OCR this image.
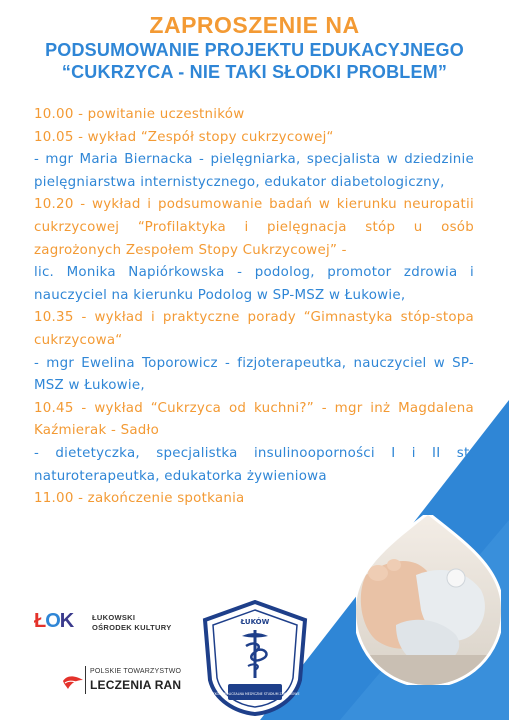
ZAPROSZENIE NA

PODSUMOWANIE PROJEKTU EDUKACYJNEGO

“CUKRZYCA - NIE TAKI SŁODKI PROBLEM”

10.00 - powitanie uczestników

10.05 - wykład “Zespół stopy cukrzycowej“

- mgr Maria Biernacka - pielęgniarka, specjalista w dziedzinie pielęgniarstwa internistycznego, edukator diabetologiczny,

10.20 - wykład i podsumowanie badań w kierunku neuropatii cukrzycowej “Profilaktyka i pielęgnacja stóp u osób zagrożonych Zespołem Stopy Cukrzycowej” -

lic. Monika Napiórkowska - podolog, promotor zdrowia i nauczyciel na kierunku Podolog w SP-MSZ w Łukowie,

10.35 - wykład i praktyczne porady “Gimnastyka stóp-stopa cukrzycowa“

- mgr Ewelina Toporowicz - fizjoterapeutka, nauczyciel w SP-MSZ w Łukowie,

10.45 - wykład “Cukrzyca od kuchni?” - mgr inż Magdalena Kaźmierak - Sadło

- dietetyczka, specjalistka insulinooporności I i II st. naturoterapeutka, edukatorka żywieniowa

11.00 - zakończenie spotkania

ŁOK	ŁUKOWSKI
OŚRODEK KULTURY
POLSKIE TOWARZYSTWO
LECZENIA RAN
ŁUKÓW
SZKOŁA POLICEALNA MEDYCZNE STUDIUM ZAWODOWE
